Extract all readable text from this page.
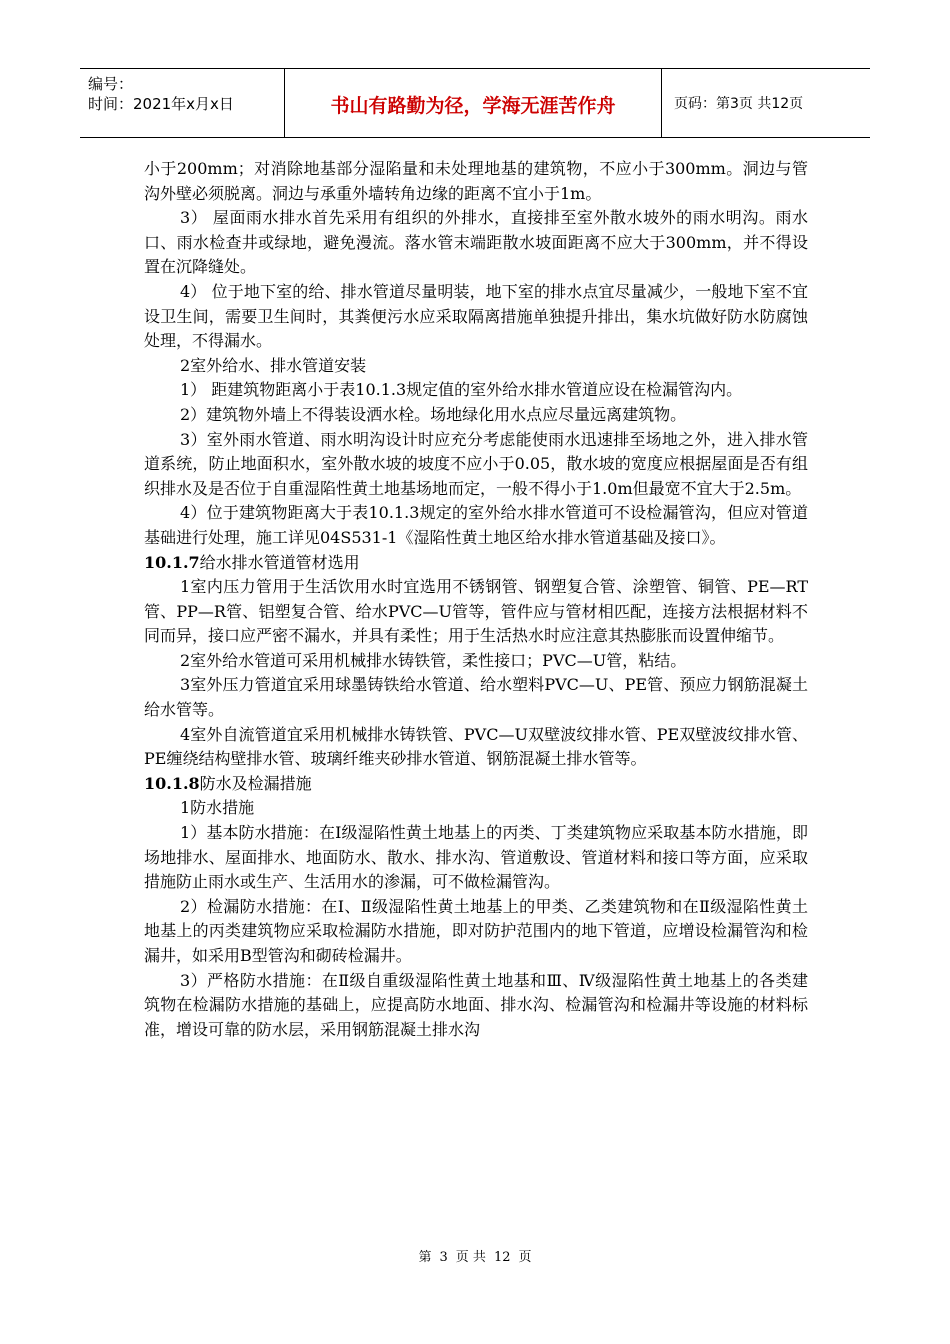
编号：
时间：2021年x月x日	书山有路勤为径，学海无涯苦作舟	页码：第3页 共12页

小于200mm；对消除地基部分湿陷量和未处理地基的建筑物，不应小于300mm。洞边与管沟外壁必须脱离。洞边与承重外墙转角边缘的距离不宜小于1m。

3） 屋面雨水排水首先采用有组织的外排水，直接排至室外散水坡外的雨水明沟。雨水口、雨水检查井或绿地，避免漫流。落水管末端距散水坡面距离不应大于300mm，并不得设置在沉降缝处。

4） 位于地下室的给、排水管道尽量明装，地下室的排水点宜尽量减少，一般地下室不宜设卫生间，需要卫生间时，其粪便污水应采取隔离措施单独提升排出，集水坑做好防水防腐蚀处理，不得漏水。

2室外给水、排水管道安装

1） 距建筑物距离小于表10.1.3规定值的室外给水排水管道应设在检漏管沟内。

2）建筑物外墙上不得装设洒水栓。场地绿化用水点应尽量远离建筑物。

3）室外雨水管道、雨水明沟设计时应充分考虑能使雨水迅速排至场地之外，进入排水管道系统，防止地面积水，室外散水坡的坡度不应小于0.05，散水坡的宽度应根据屋面是否有组织排水及是否位于自重湿陷性黄土地基场地而定，一般不得小于1.0m但最宽不宜大于2.5m。

4）位于建筑物距离大于表10.1.3规定的室外给水排水管道可不设检漏管沟，但应对管道基础进行处理，施工详见04S531-1《湿陷性黄土地区给水排水管道基础及接口》。

10.1.7给水排水管道管材选用

1室内压力管用于生活饮用水时宜选用不锈钢管、钢塑复合管、涂塑管、铜管、PE—RT管、PP—R管、铝塑复合管、给水PVC—U管等，管件应与管材相匹配，连接方法根据材料不同而异，接口应严密不漏水，并具有柔性；用于生活热水时应注意其热膨胀而设置伸缩节。

2室外给水管道可采用机械排水铸铁管，柔性接口；PVC—U管，粘结。

3室外压力管道宜采用球墨铸铁给水管道、给水塑料PVC—U、PE管、预应力钢筋混凝土给水管等。

4室外自流管道宜采用机械排水铸铁管、PVC—U双壁波纹排水管、PE双壁波纹排水管、PE缠绕结构壁排水管、玻璃纤维夹砂排水管道、钢筋混凝土排水管等。

10.1.8防水及检漏措施

1防水措施

1）基本防水措施：在Ⅰ级湿陷性黄土地基上的丙类、丁类建筑物应采取基本防水措施，即场地排水、屋面排水、地面防水、散水、排水沟、管道敷设、管道材料和接口等方面，应采取措施防止雨水或生产、生活用水的渗漏，可不做检漏管沟。

2）检漏防水措施：在Ⅰ、Ⅱ级湿陷性黄土地基上的甲类、乙类建筑物和在Ⅱ级湿陷性黄土地基上的丙类建筑物应采取检漏防水措施，即对防护范围内的地下管道，应增设检漏管沟和检漏井，如采用B型管沟和砌砖检漏井。

3）严格防水措施：在Ⅱ级自重级湿陷性黄土地基和Ⅲ、Ⅳ级湿陷性黄土地基上的各类建筑物在检漏防水措施的基础上，应提高防水地面、排水沟、检漏管沟和检漏井等设施的材料标准，增设可靠的防水层，采用钢筋混凝土排水沟

第 3 页 共 12 页
